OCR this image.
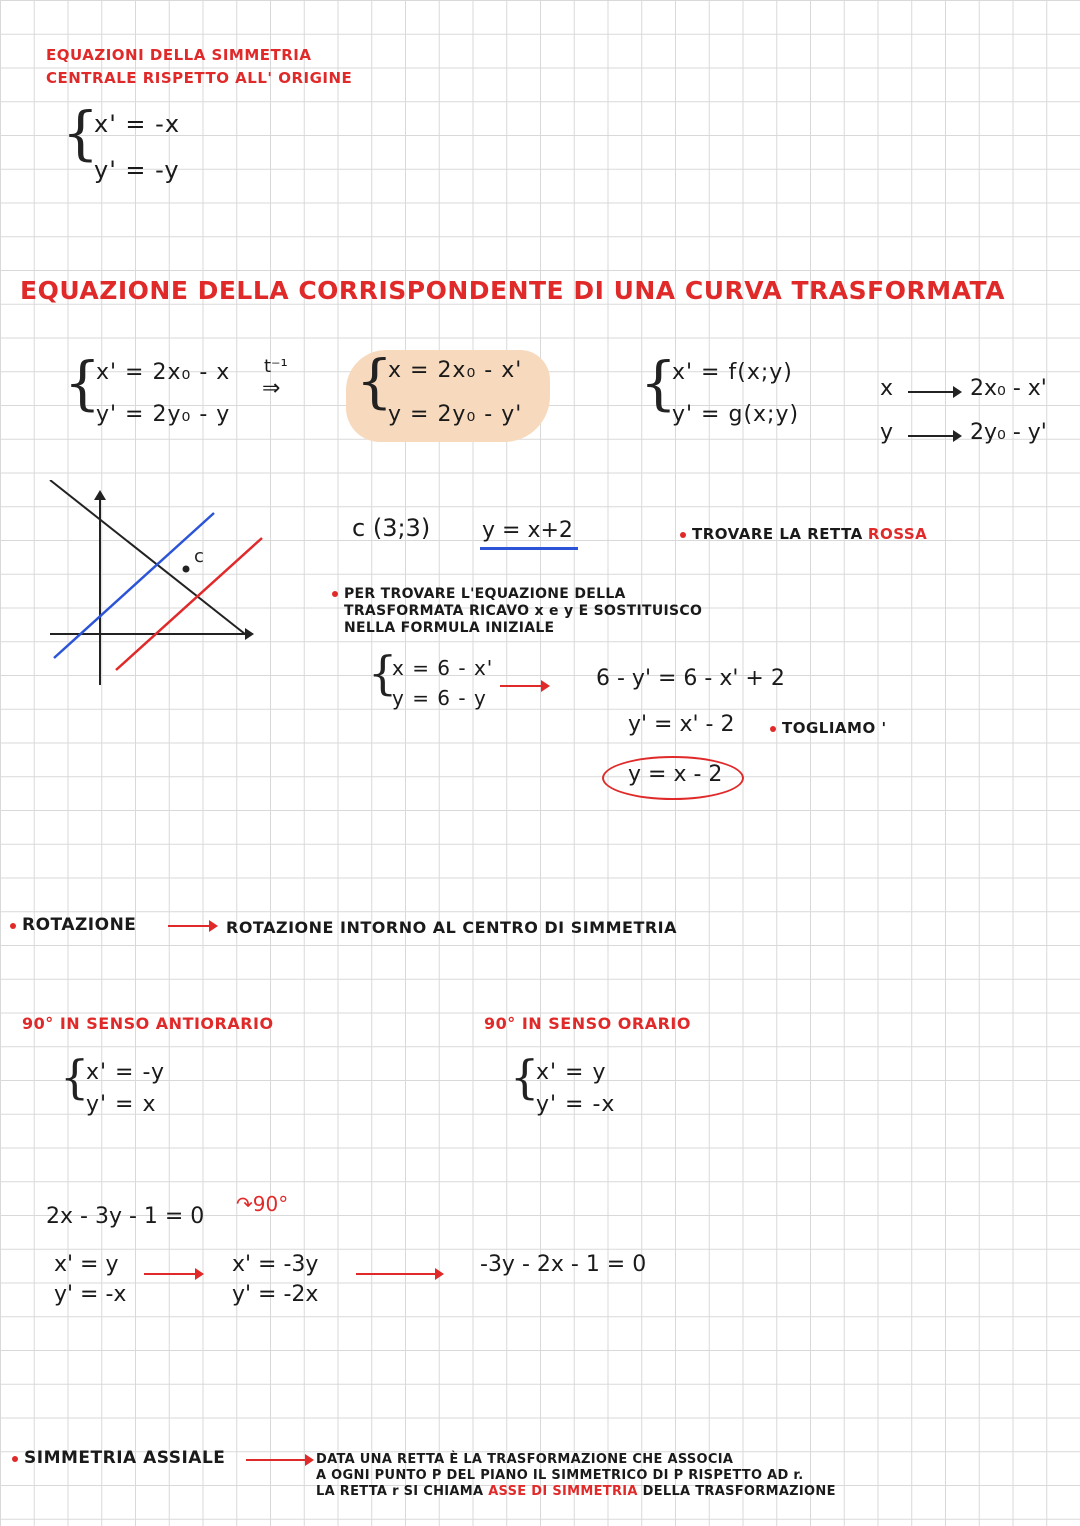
EQUAZIONI DELLA SIMMETRIA
CENTRALE RISPETTO ALL' ORIGINE
{
x' = -x
y' = -y
EQUAZIONE DELLA CORRISPONDENTE DI UNA CURVA TRASFORMATA
{
x' = 2x₀ - x
y' = 2y₀ - y
t⁻¹
⇒ {
x = 2x₀ - x'
y = 2y₀ - y' {
x' = f(x;y)
y' = g(x;y)
x	2x₀ - x'
y	2y₀ - y'
c
c (3;3) y = x+2	TROVARE LA RETTA ROSSA
PER TROVARE L'EQUAZIONE DELLA
TRASFORMATA RICAVO x e y E SOSTITUISCO
NELLA FORMULA INIZIALE
{
x = 6 - x'
y = 6 - y
6 - y' = 6 - x' + 2
y' = x' - 2	TOGLIAMO '
y = x - 2
ROTAZIONE	ROTAZIONE INTORNO AL CENTRO DI SIMMETRIA
90° IN SENSO ANTIORARIO
{
x' = -y
y' = x
90° IN SENSO ORARIO
{
x' = y
y' = -x
2x - 3y - 1 = 0 ↷90°
x' = y
y' = -x
x' = -3y
y' = -2x
-3y - 2x - 1 = 0
SIMMETRIA ASSIALE	DATA UNA RETTA È LA TRASFORMAZIONE CHE ASSOCIA
A OGNI PUNTO P DEL PIANO IL SIMMETRICO DI P RISPETTO AD r.
LA RETTA r SI CHIAMA ASSE DI SIMMETRIA DELLA TRASFORMAZIONE
